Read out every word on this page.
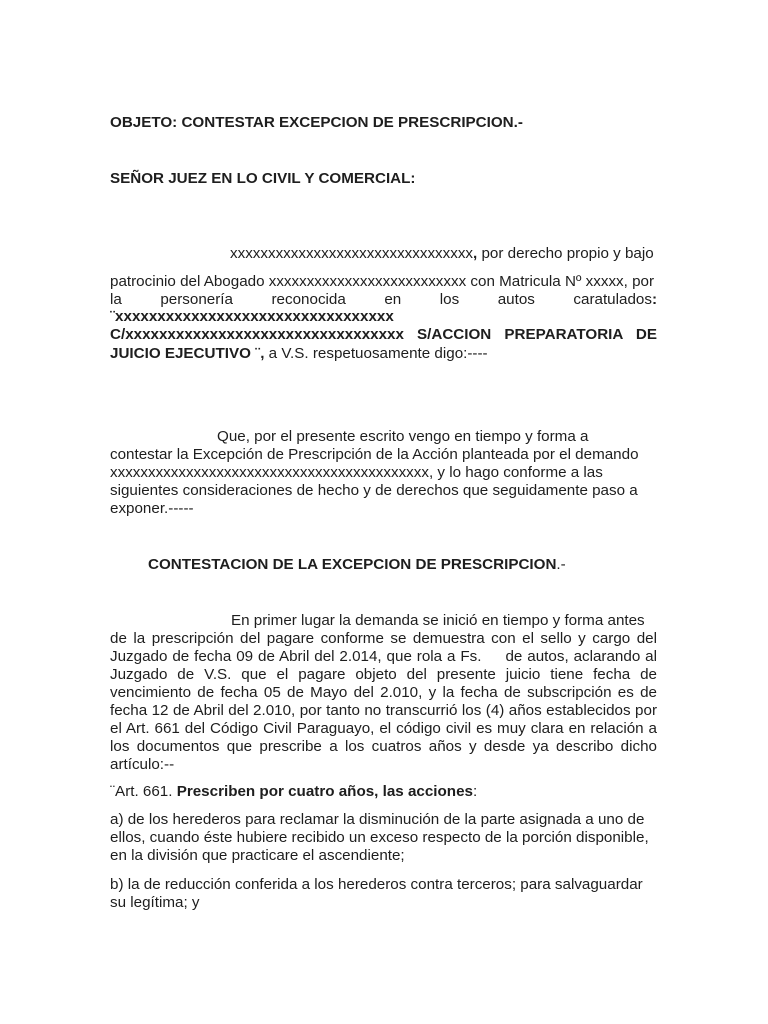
OBJETO: CONTESTAR EXCEPCION DE PRESCRIPCION.-
SEÑOR JUEZ EN LO CIVIL Y COMERCIAL:
xxxxxxxxxxxxxxxxxxxxxxxxxxxxxxxx, por derecho propio y bajo
patrocinio del Abogado xxxxxxxxxxxxxxxxxxxxxxxxxx con Matricula Nº xxxxx, por
la personería reconocida en los autos caratulados:
¨xxxxxxxxxxxxxxxxxxxxxxxxxxxxxxxxx
C/xxxxxxxxxxxxxxxxxxxxxxxxxxxxxxxxx S/ACCION PREPARATORIA DE
JUICIO EJECUTIVO ¨, a V.S. respetuosamente digo:----
Que, por el presente escrito vengo en tiempo y forma a
contestar la Excepción de Prescripción de la Acción planteada por el demando
xxxxxxxxxxxxxxxxxxxxxxxxxxxxxxxxxxxxxxxxxx, y lo hago conforme a las
siguientes consideraciones de hecho y de derechos que seguidamente paso a
exponer.-----
CONTESTACION DE LA EXCEPCION DE PRESCRIPCION.-
En primer lugar la demanda se inició en tiempo y forma antes
de la prescripción del pagare conforme se demuestra con el sello y cargo del
Juzgado de fecha 09 de Abril del 2.014, que rola a Fs. de autos, aclarando al
Juzgado de V.S. que el pagare objeto del presente juicio tiene fecha de
vencimiento de fecha 05 de Mayo del 2.010, y la fecha de subscripción es de
fecha 12 de Abril del 2.010, por tanto no transcurrió los (4) años establecidos por
el Art. 661 del Código Civil Paraguayo, el código civil es muy clara en relación a
los documentos que prescribe a los cuatros años y desde ya describo dicho
artículo:--
¨Art. 661. Prescriben por cuatro años, las acciones:
a) de los herederos para reclamar la disminución de la parte asignada a uno de
ellos, cuando éste hubiere recibido un exceso respecto de la porción disponible,
en la división que practicare el ascendiente;
b) la de reducción conferida a los herederos contra terceros; para salvaguardar
su legítima; y
